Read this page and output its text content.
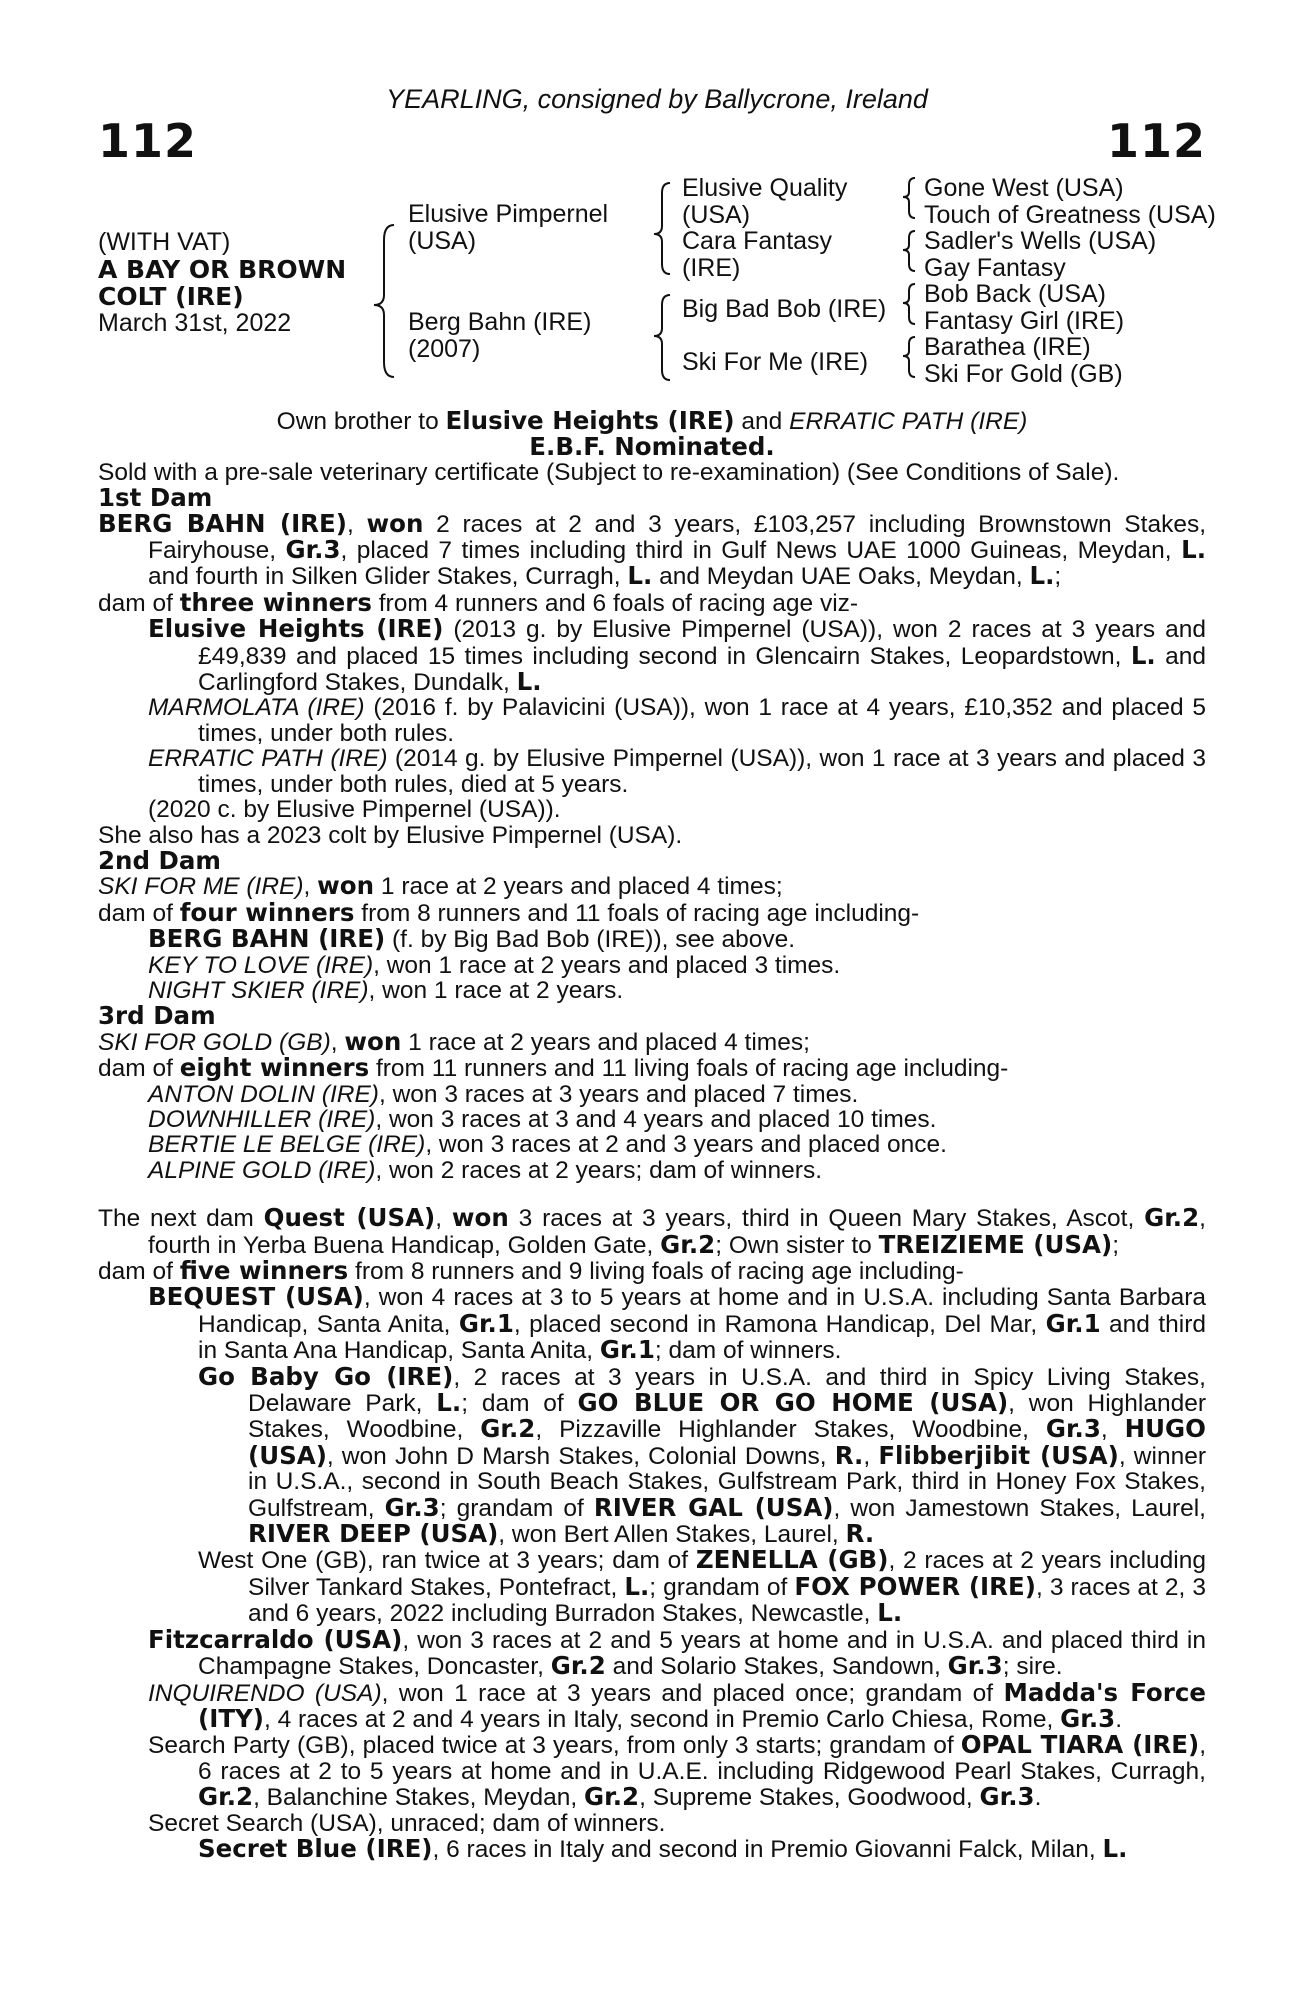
YEARLING, consigned by Ballycrone, Ireland
112	112
(WITH VAT)
A BAY OR BROWN
COLT (IRE)
March 31st, 2022
Elusive Pimpernel
(USA)
Berg Bahn (IRE)
(2007)
Elusive Quality
(USA)
Cara Fantasy
(IRE)
Big Bad Bob (IRE)
Ski For Me (IRE)
Gone West (USA)
Touch of Greatness (USA)
Sadler's Wells (USA)
Gay Fantasy
Bob Back (USA)
Fantasy Girl (IRE)
Barathea (IRE)
Ski For Gold (GB)

Own brother to Elusive Heights (IRE) and ERRATIC PATH (IRE)

E.B.F. Nominated.

Sold with a pre-sale veterinary certificate (Subject to re-examination) (See Conditions of Sale).

1st Dam

BERG BAHN (IRE), won 2 races at 2 and 3 years, £103,257 including Brownstown Stakes, Fairyhouse, Gr.3, placed 7 times including third in Gulf News UAE 1000 Guineas, Meydan, L. and fourth in Silken Glider Stakes, Curragh, L. and Meydan UAE Oaks, Meydan, L.;

dam of three winners from 4 runners and 6 foals of racing age viz-

Elusive Heights (IRE) (2013 g. by Elusive Pimpernel (USA)), won 2 races at 3 years and £49,839 and placed 15 times including second in Glencairn Stakes, Leopardstown, L. and Carlingford Stakes, Dundalk, L.

MARMOLATA (IRE) (2016 f. by Palavicini (USA)), won 1 race at 4 years, £10,352 and placed 5 times, under both rules.

ERRATIC PATH (IRE) (2014 g. by Elusive Pimpernel (USA)), won 1 race at 3 years and placed 3 times, under both rules, died at 5 years.

(2020 c. by Elusive Pimpernel (USA)).

She also has a 2023 colt by Elusive Pimpernel (USA).

2nd Dam

SKI FOR ME (IRE), won 1 race at 2 years and placed 4 times;

dam of four winners from 8 runners and 11 foals of racing age including-

BERG BAHN (IRE) (f. by Big Bad Bob (IRE)), see above.

KEY TO LOVE (IRE), won 1 race at 2 years and placed 3 times.

NIGHT SKIER (IRE), won 1 race at 2 years.

3rd Dam

SKI FOR GOLD (GB), won 1 race at 2 years and placed 4 times;

dam of eight winners from 11 runners and 11 living foals of racing age including-

ANTON DOLIN (IRE), won 3 races at 3 years and placed 7 times.

DOWNHILLER (IRE), won 3 races at 3 and 4 years and placed 10 times.

BERTIE LE BELGE (IRE), won 3 races at 2 and 3 years and placed once.

ALPINE GOLD (IRE), won 2 races at 2 years; dam of winners.

The next dam Quest (USA), won 3 races at 3 years, third in Queen Mary Stakes, Ascot, Gr.2, fourth in Yerba Buena Handicap, Golden Gate, Gr.2; Own sister to TREIZIEME (USA);

dam of five winners from 8 runners and 9 living foals of racing age including-

BEQUEST (USA), won 4 races at 3 to 5 years at home and in U.S.A. including Santa Barbara Handicap, Santa Anita, Gr.1, placed second in Ramona Handicap, Del Mar, Gr.1 and third in Santa Ana Handicap, Santa Anita, Gr.1; dam of winners.

Go Baby Go (IRE), 2 races at 3 years in U.S.A. and third in Spicy Living Stakes, Delaware Park, L.; dam of GO BLUE OR GO HOME (USA), won Highlander Stakes, Woodbine, Gr.2, Pizzaville Highlander Stakes, Woodbine, Gr.3, HUGO (USA), won John D Marsh Stakes, Colonial Downs, R., Flibberjibit (USA), winner in U.S.A., second in South Beach Stakes, Gulfstream Park, third in Honey Fox Stakes, Gulfstream, Gr.3; grandam of RIVER GAL (USA), won Jamestown Stakes, Laurel, RIVER DEEP (USA), won Bert Allen Stakes, Laurel, R.

West One (GB), ran twice at 3 years; dam of ZENELLA (GB), 2 races at 2 years including Silver Tankard Stakes, Pontefract, L.; grandam of FOX POWER (IRE), 3 races at 2, 3 and 6 years, 2022 including Burradon Stakes, Newcastle, L.

Fitzcarraldo (USA), won 3 races at 2 and 5 years at home and in U.S.A. and placed third in Champagne Stakes, Doncaster, Gr.2 and Solario Stakes, Sandown, Gr.3; sire.

INQUIRENDO (USA), won 1 race at 3 years and placed once; grandam of Madda's Force (ITY), 4 races at 2 and 4 years in Italy, second in Premio Carlo Chiesa, Rome, Gr.3.

Search Party (GB), placed twice at 3 years, from only 3 starts; grandam of OPAL TIARA (IRE), 6 races at 2 to 5 years at home and in U.A.E. including Ridgewood Pearl Stakes, Curragh, Gr.2, Balanchine Stakes, Meydan, Gr.2, Supreme Stakes, Goodwood, Gr.3.

Secret Search (USA), unraced; dam of winners.

Secret Blue (IRE), 6 races in Italy and second in Premio Giovanni Falck, Milan, L.
